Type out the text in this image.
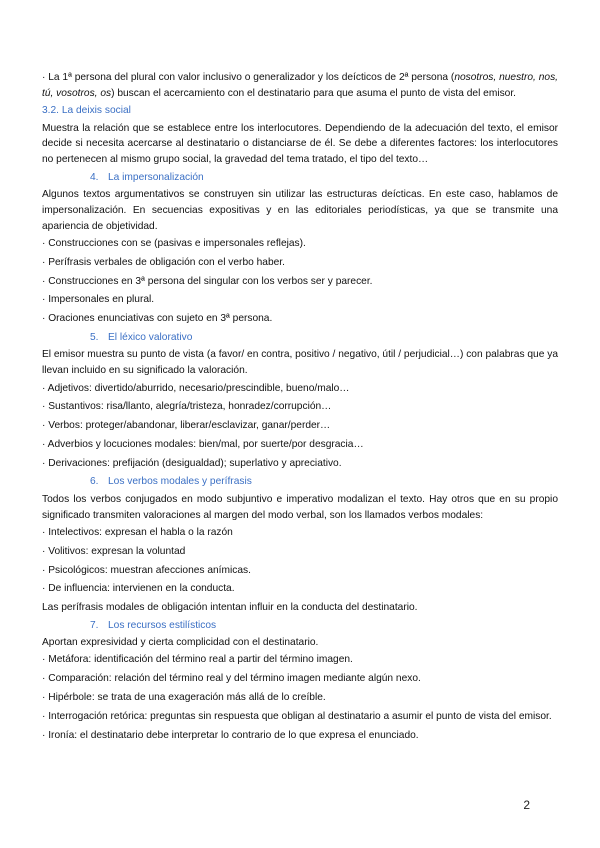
· La 1ª persona del plural con valor inclusivo o generalizador y los deícticos de 2ª persona (nosotros, nuestro, nos, tú, vosotros, os) buscan el acercamiento con el destinatario para que asuma el punto de vista del emisor.

3.2. La deixis social

Muestra la relación que se establece entre los interlocutores. Dependiendo de la adecuación del texto, el emisor decide si necesita acercarse al destinatario o distanciarse de él. Se debe a diferentes factores: los interlocutores no pertenecen al mismo grupo social, la gravedad del tema tratado, el tipo del texto…

4. La impersonalización

Algunos textos argumentativos se construyen sin utilizar las estructuras deícticas. En este caso, hablamos de impersonalización. En secuencias expositivas y en las editoriales periodísticas, ya que se transmite una apariencia de objetividad.

· Construcciones con se (pasivas e impersonales reflejas).

· Perífrasis verbales de obligación con el verbo haber.

· Construcciones en 3ª persona del singular con los verbos ser y parecer.

· Impersonales en plural.

· Oraciones enunciativas con sujeto en 3ª persona.

5. El léxico valorativo

El emisor muestra su punto de vista (a favor/ en contra, positivo / negativo, útil / perjudicial…) con palabras que ya llevan incluido en su significado la valoración.

· Adjetivos: divertido/aburrido, necesario/prescindible, bueno/malo…

· Sustantivos: risa/llanto, alegría/tristeza, honradez/corrupción…

· Verbos: proteger/abandonar, liberar/esclavizar, ganar/perder…

· Adverbios y locuciones modales: bien/mal, por suerte/por desgracia…

· Derivaciones: prefijación (desigualdad); superlativo y apreciativo.

6. Los verbos modales y perífrasis

Todos los verbos conjugados en modo subjuntivo e imperativo modalizan el texto. Hay otros que en su propio significado transmiten valoraciones al margen del modo verbal, son los llamados verbos modales:

· Intelectivos: expresan el habla o la razón

· Volitivos: expresan la voluntad

· Psicológicos: muestran afecciones anímicas.

· De influencia: intervienen en la conducta.

Las perífrasis modales de obligación intentan influir en la conducta del destinatario.

7. Los recursos estilísticos

Aportan expresividad y cierta complicidad con el destinatario.

· Metáfora: identificación del término real a partir del término imagen.

· Comparación: relación del término real y del término imagen mediante algún nexo.

· Hipérbole: se trata de una exageración más allá de lo creíble.

· Interrogación retórica: preguntas sin respuesta que obligan al destinatario a asumir el punto de vista del emisor.

· Ironía: el destinatario debe interpretar lo contrario de lo que expresa el enunciado.

2
